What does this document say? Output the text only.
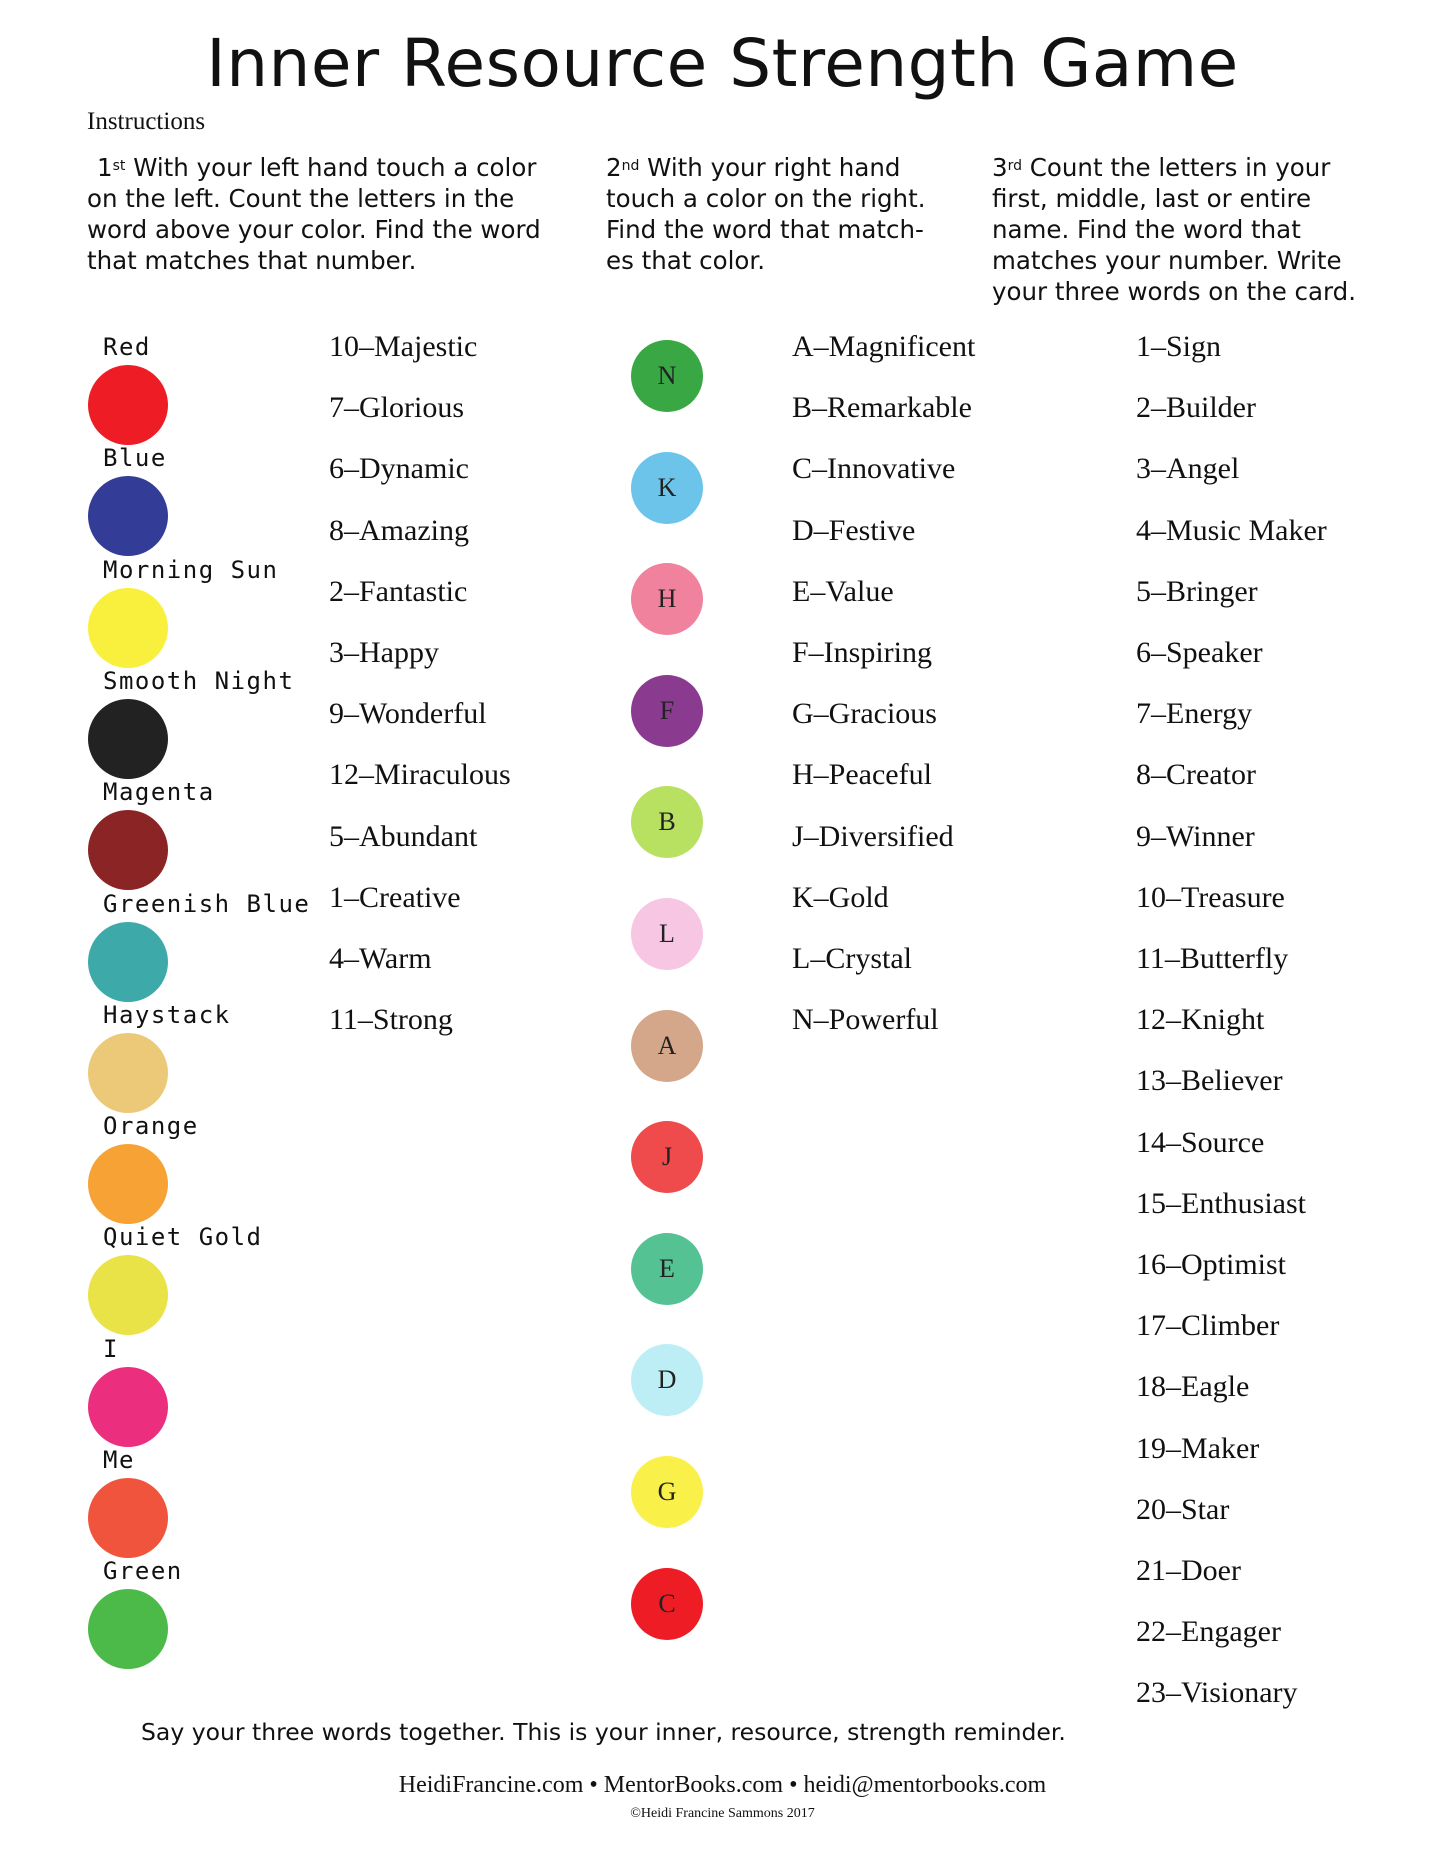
Inner Resource Strength Game
Instructions
1st With your left hand touch a color on the left. Count the letters in the word above your color. Find the word that matches that number.
2nd With your right hand touch a color on the right. Find the word that match-es that color.
3rd Count the letters in your first, middle, last or entire name. Find the word that matches your number. Write your three words on the card.
Red
Blue
Morning Sun
Smooth Night
Magenta
Greenish Blue
Haystack
Orange
Quiet Gold
I
Me
Green
10–Majestic
7–Glorious
6–Dynamic
8–Amazing
2–Fantastic
3–Happy
9–Wonderful
12–Miraculous
5–Abundant
1–Creative
4–Warm
11–Strong
N
K
H
F
B
L
A
J
E
D
G
C
A–Magnificent
B–Remarkable
C–Innovative
D–Festive
E–Value
F–Inspiring
G–Gracious
H–Peaceful
J–Diversified
K–Gold
L–Crystal
N–Powerful
1–Sign
2–Builder
3–Angel
4–Music Maker
5–Bringer
6–Speaker
7–Energy
8–Creator
9–Winner
10–Treasure
11–Butterfly
12–Knight
13–Believer
14–Source
15–Enthusiast
16–Optimist
17–Climber
18–Eagle
19–Maker
20–Star
21–Doer
22–Engager
23–Visionary
Say your three words together. This is your inner, resource, strength reminder.
HeidiFrancine.com • MentorBooks.com • heidi@mentorbooks.com
©Heidi Francine Sammons 2017
